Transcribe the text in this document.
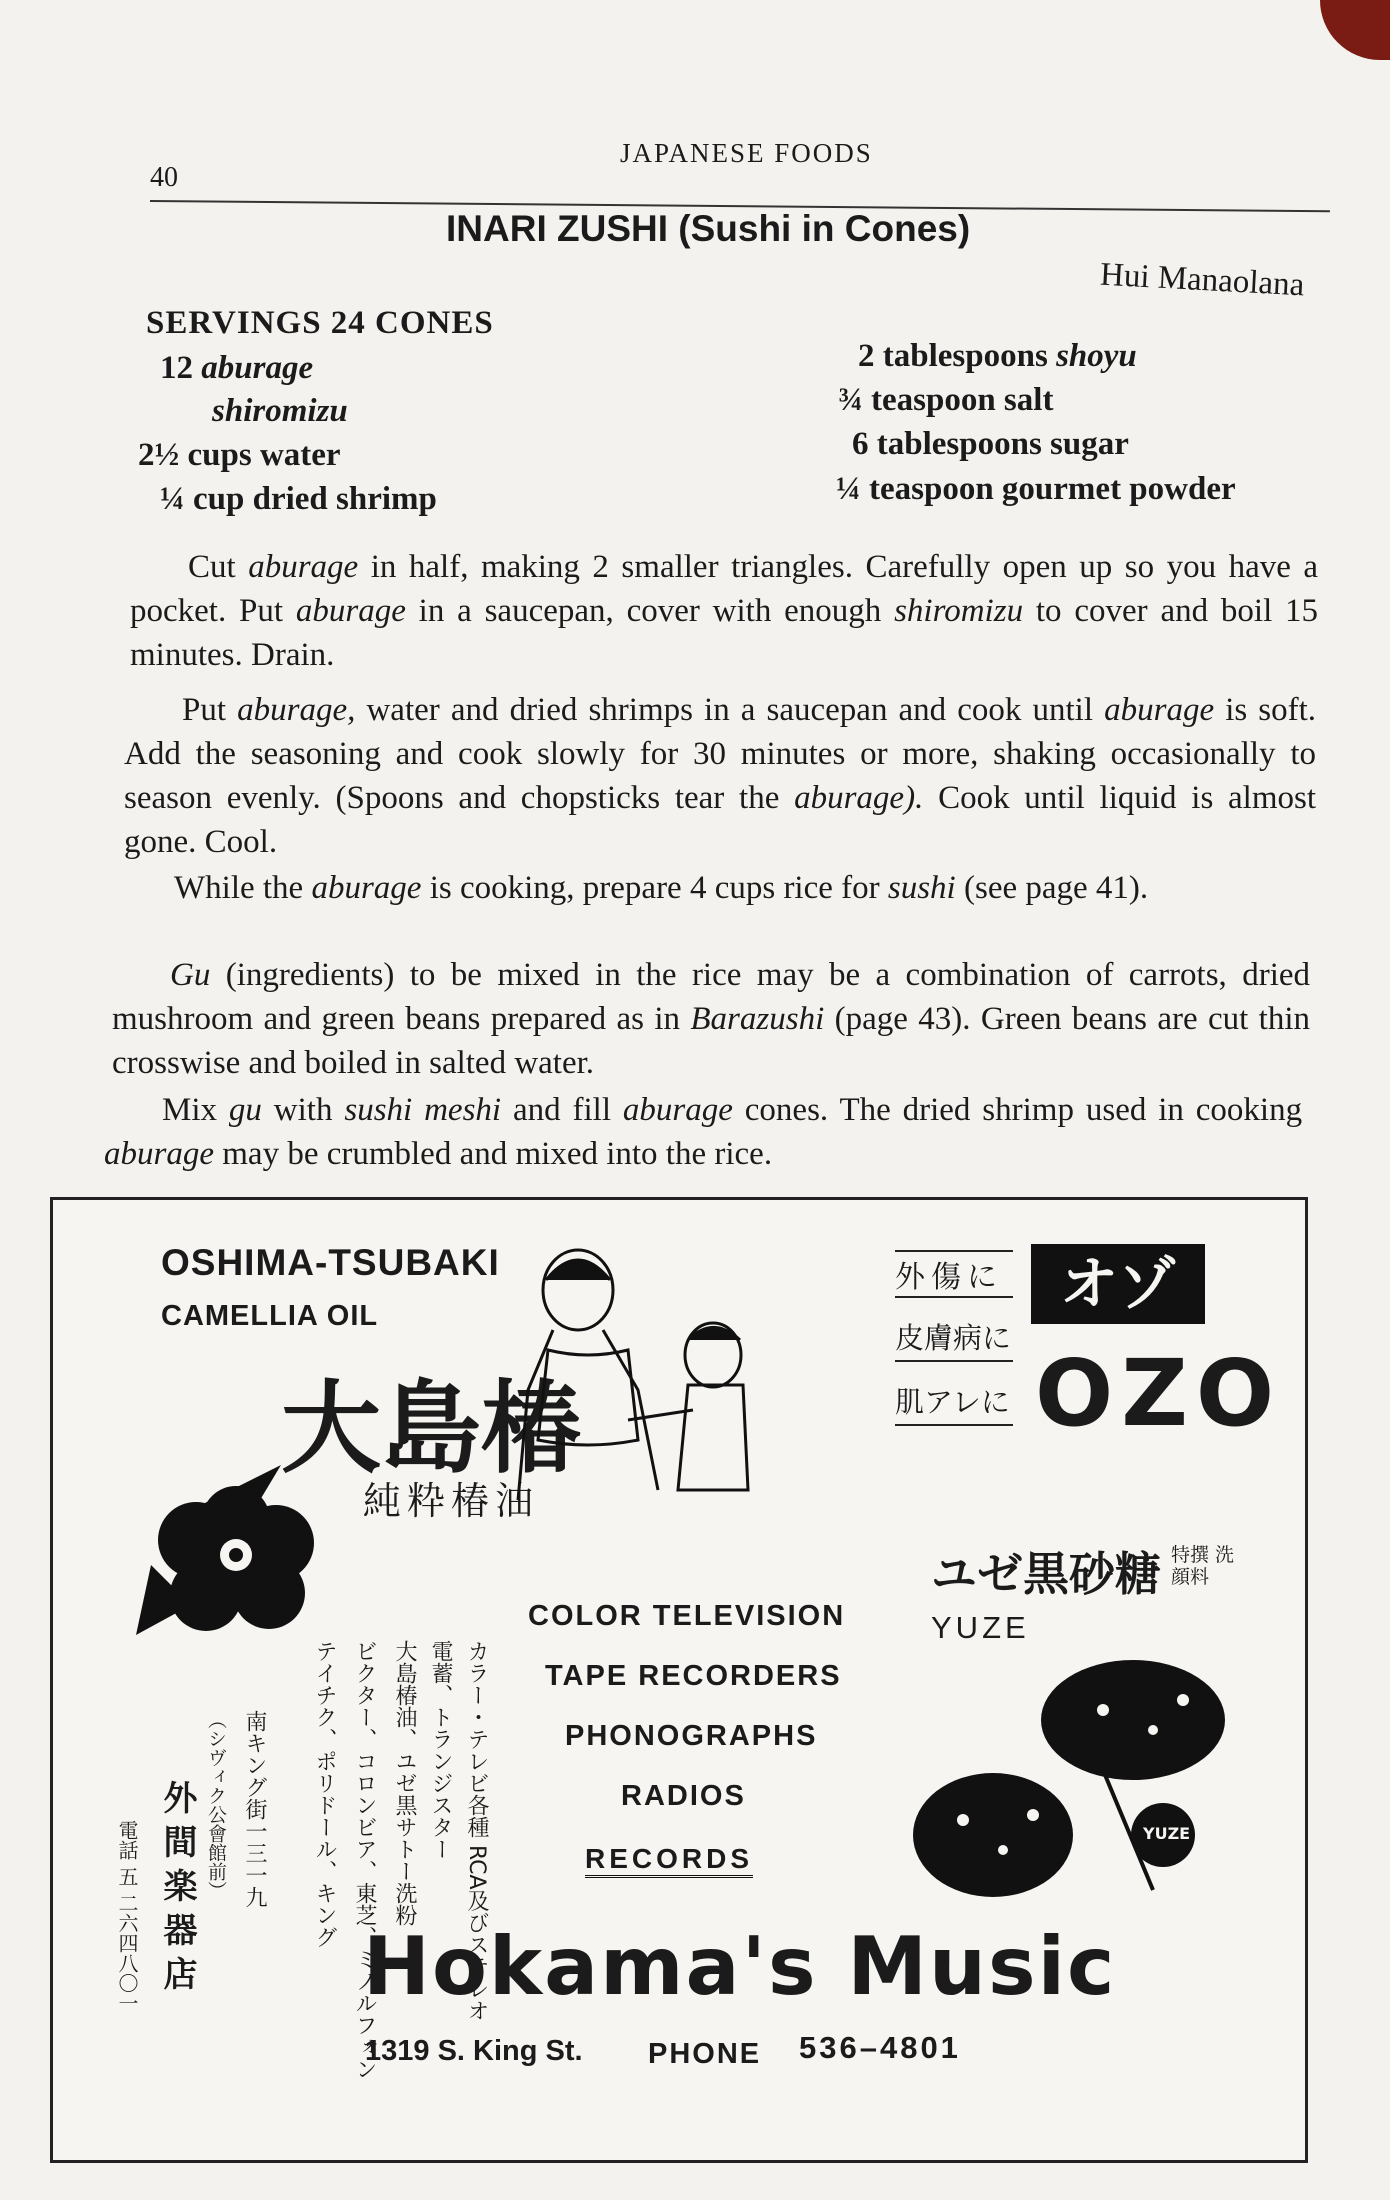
40
JAPANESE FOODS
INARI ZUSHI (Sushi in Cones)
Hui Manaolana
SERVINGS 24 CONES
12 aburage
shiromizu
2½ cups water
¼ cup dried shrimp
2 tablespoons shoyu
¾ teaspoon salt
6 tablespoons sugar
¼ teaspoon gourmet powder
Cut aburage in half, making 2 smaller triangles. Carefully open up so you have a pocket. Put aburage in a saucepan, cover with enough shiromizu to cover and boil 15 minutes. Drain.
Put aburage, water and dried shrimps in a saucepan and cook until aburage is soft. Add the seasoning and cook slowly for 30 minutes or more, shaking occasionally to season evenly. (Spoons and chopsticks tear the aburage). Cook until liquid is almost gone. Cool.
While the aburage is cooking, prepare 4 cups rice for sushi (see page 41).
Gu (ingredients) to be mixed in the rice may be a combination of carrots, dried mushroom and green beans prepared as in Barazushi (page 43). Green beans are cut thin crosswise and boiled in salted water.
Mix gu with sushi meshi and fill aburage cones. The dried shrimp used in cooking aburage may be crumbled and mixed into the rice.
OSHIMA-TSUBAKI
CAMELLIA OIL
大島椿
純粋椿油
外傷に
皮膚病に
肌アレに
オゾ
OZO
ユゼ黒砂糖 特撰 洗顔料
YUZE
YUZE
COLOR TELEVISION
TAPE RECORDERS
PHONOGRAPHS
RADIOS
RECORDS
カラー・テレビ各種 RCA及びステレオ
電蓄、トランジスター
大島椿油、ユゼ黒サトー洗粉
ビクター、コロンビア、東芝、ミノルフォン
テイチク、ポリドール、キング
南キング街一三一九
（シヴィク公會館前）
外間楽器店
電話 五 二六四八〇一	Hokama's Music
1319 S. King St. PHONE 536–4801
